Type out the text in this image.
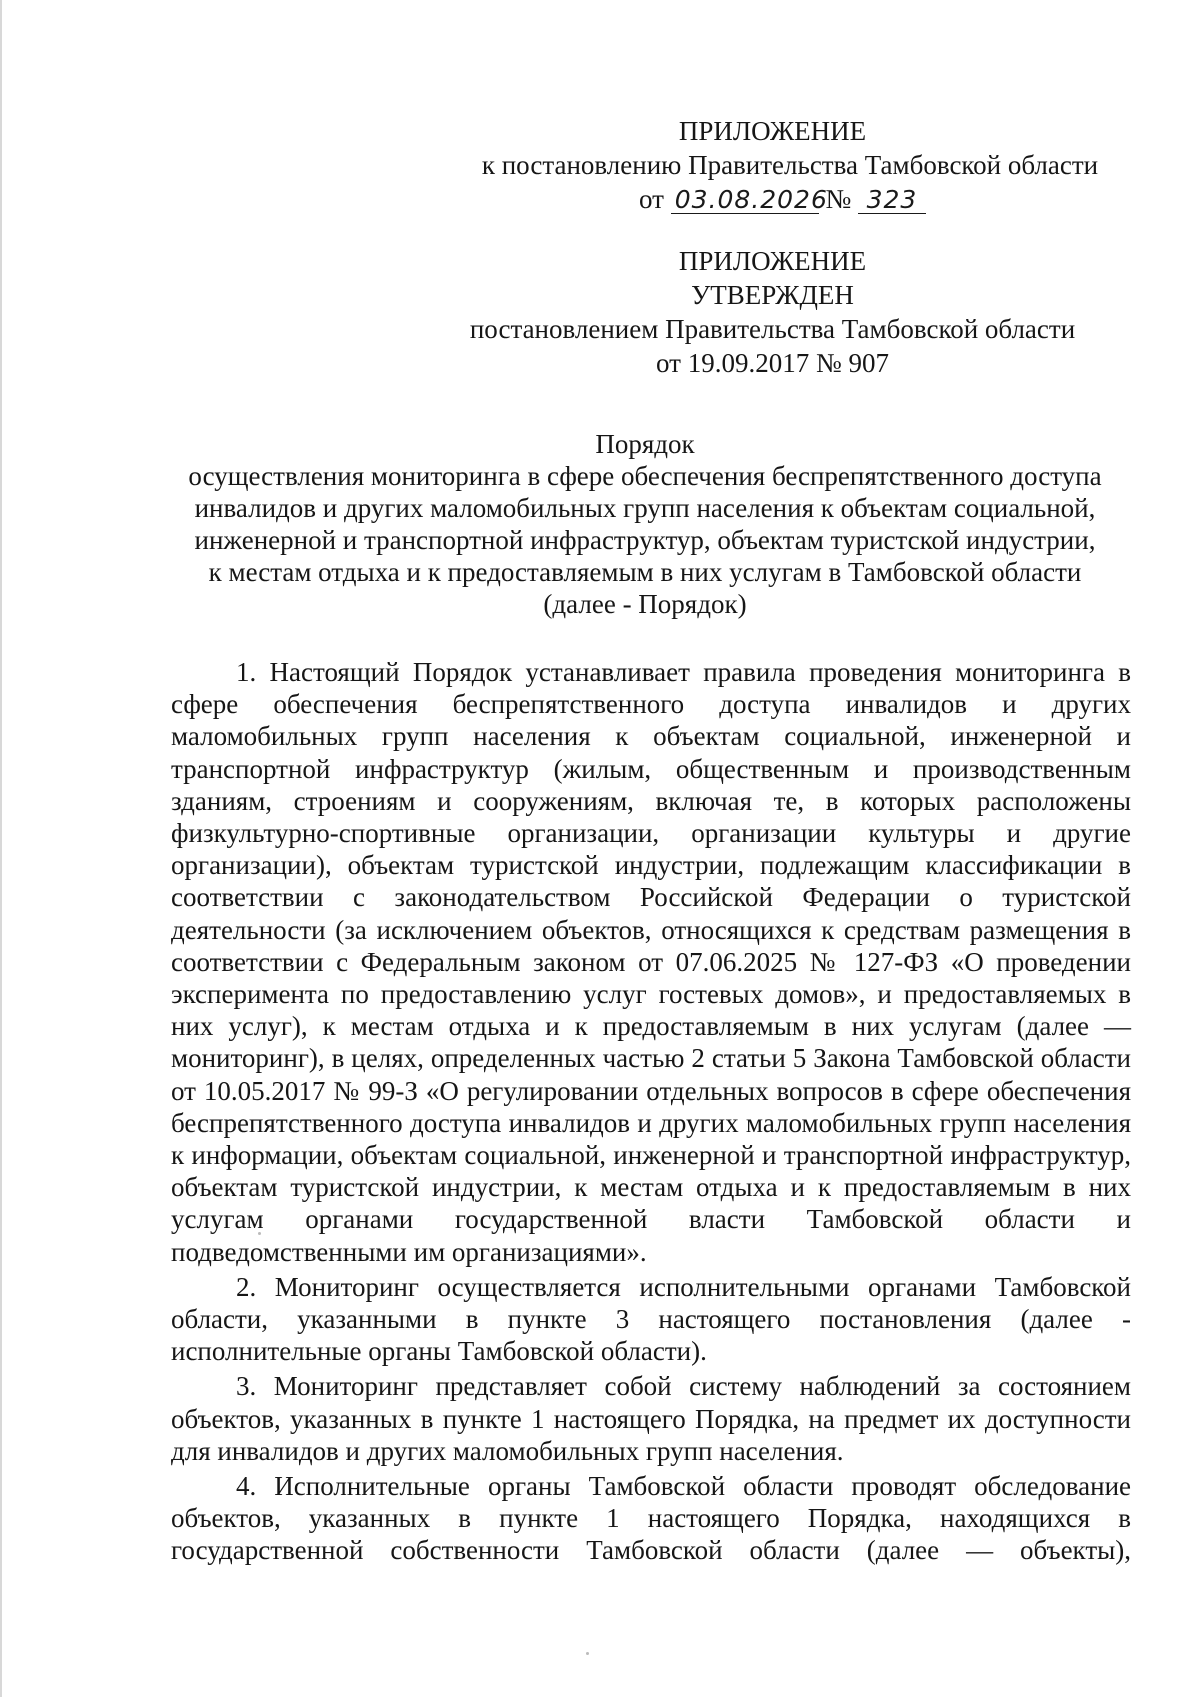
ПРИЛОЖЕНИЕ
к постановлению Правительства Тамбовской области
от 03.08.2026 № 323
ПРИЛОЖЕНИЕ
УТВЕРЖДЕН
постановлением Правительства Тамбовской области
от 19.09.2017 № 907
Порядок
осуществления мониторинга в сфере обеспечения беспрепятственного доступа
инвалидов и других маломобильных групп населения к объектам социальной,
инженерной и транспортной инфраструктур, объектам туристской индустрии,
к местам отдыха и к предоставляемым в них услугам в Тамбовской области
(далее - Порядок)

1. Настоящий Порядок устанавливает правила проведения мониторинга в сфере обеспечения беспрепятственного доступа инвалидов и других маломобильных групп населения к объектам социальной, инженерной и транспортной инфраструктур (жилым, общественным и производственным зданиям, строениям и сооружениям, включая те, в которых расположены физкультурно-спортивные организации, организации культуры и другие организации), объектам туристской индустрии, подлежащим классификации в соответствии с законодательством Российской Федерации о туристской деятельности (за исключением объектов, относящихся к средствам размещения в соответствии с Федеральным законом от 07.06.2025 № 127-ФЗ «О проведении эксперимента по предоставлению услуг гостевых домов», и предоставляемых в них услуг), к местам отдыха и к предоставляемым в них услугам (далее — мониторинг), в целях, определенных частью 2 статьи 5 Закона Тамбовской области от 10.05.2017 № 99-З «О регулировании отдельных вопросов в сфере обеспечения беспрепятственного доступа инвалидов и других маломобильных групп населения к информации, объектам социальной, инженерной и транспортной инфраструктур, объектам туристской индустрии, к местам отдыха и к предоставляемым в них услугам органами государственной власти Тамбовской области и подведомственными им организациями».

2. Мониторинг осуществляется исполнительными органами Тамбовской области, указанными в пункте 3 настоящего постановления (далее - исполнительные органы Тамбовской области).

3. Мониторинг представляет собой систему наблюдений за состоянием объектов, указанных в пункте 1 настоящего Порядка, на предмет их доступности для инвалидов и других маломобильных групп населения.

4. Исполнительные органы Тамбовской области проводят обследование объектов, указанных в пункте 1 настоящего Порядка, находящихся в государственной собственности Тамбовской области (далее — объекты),
